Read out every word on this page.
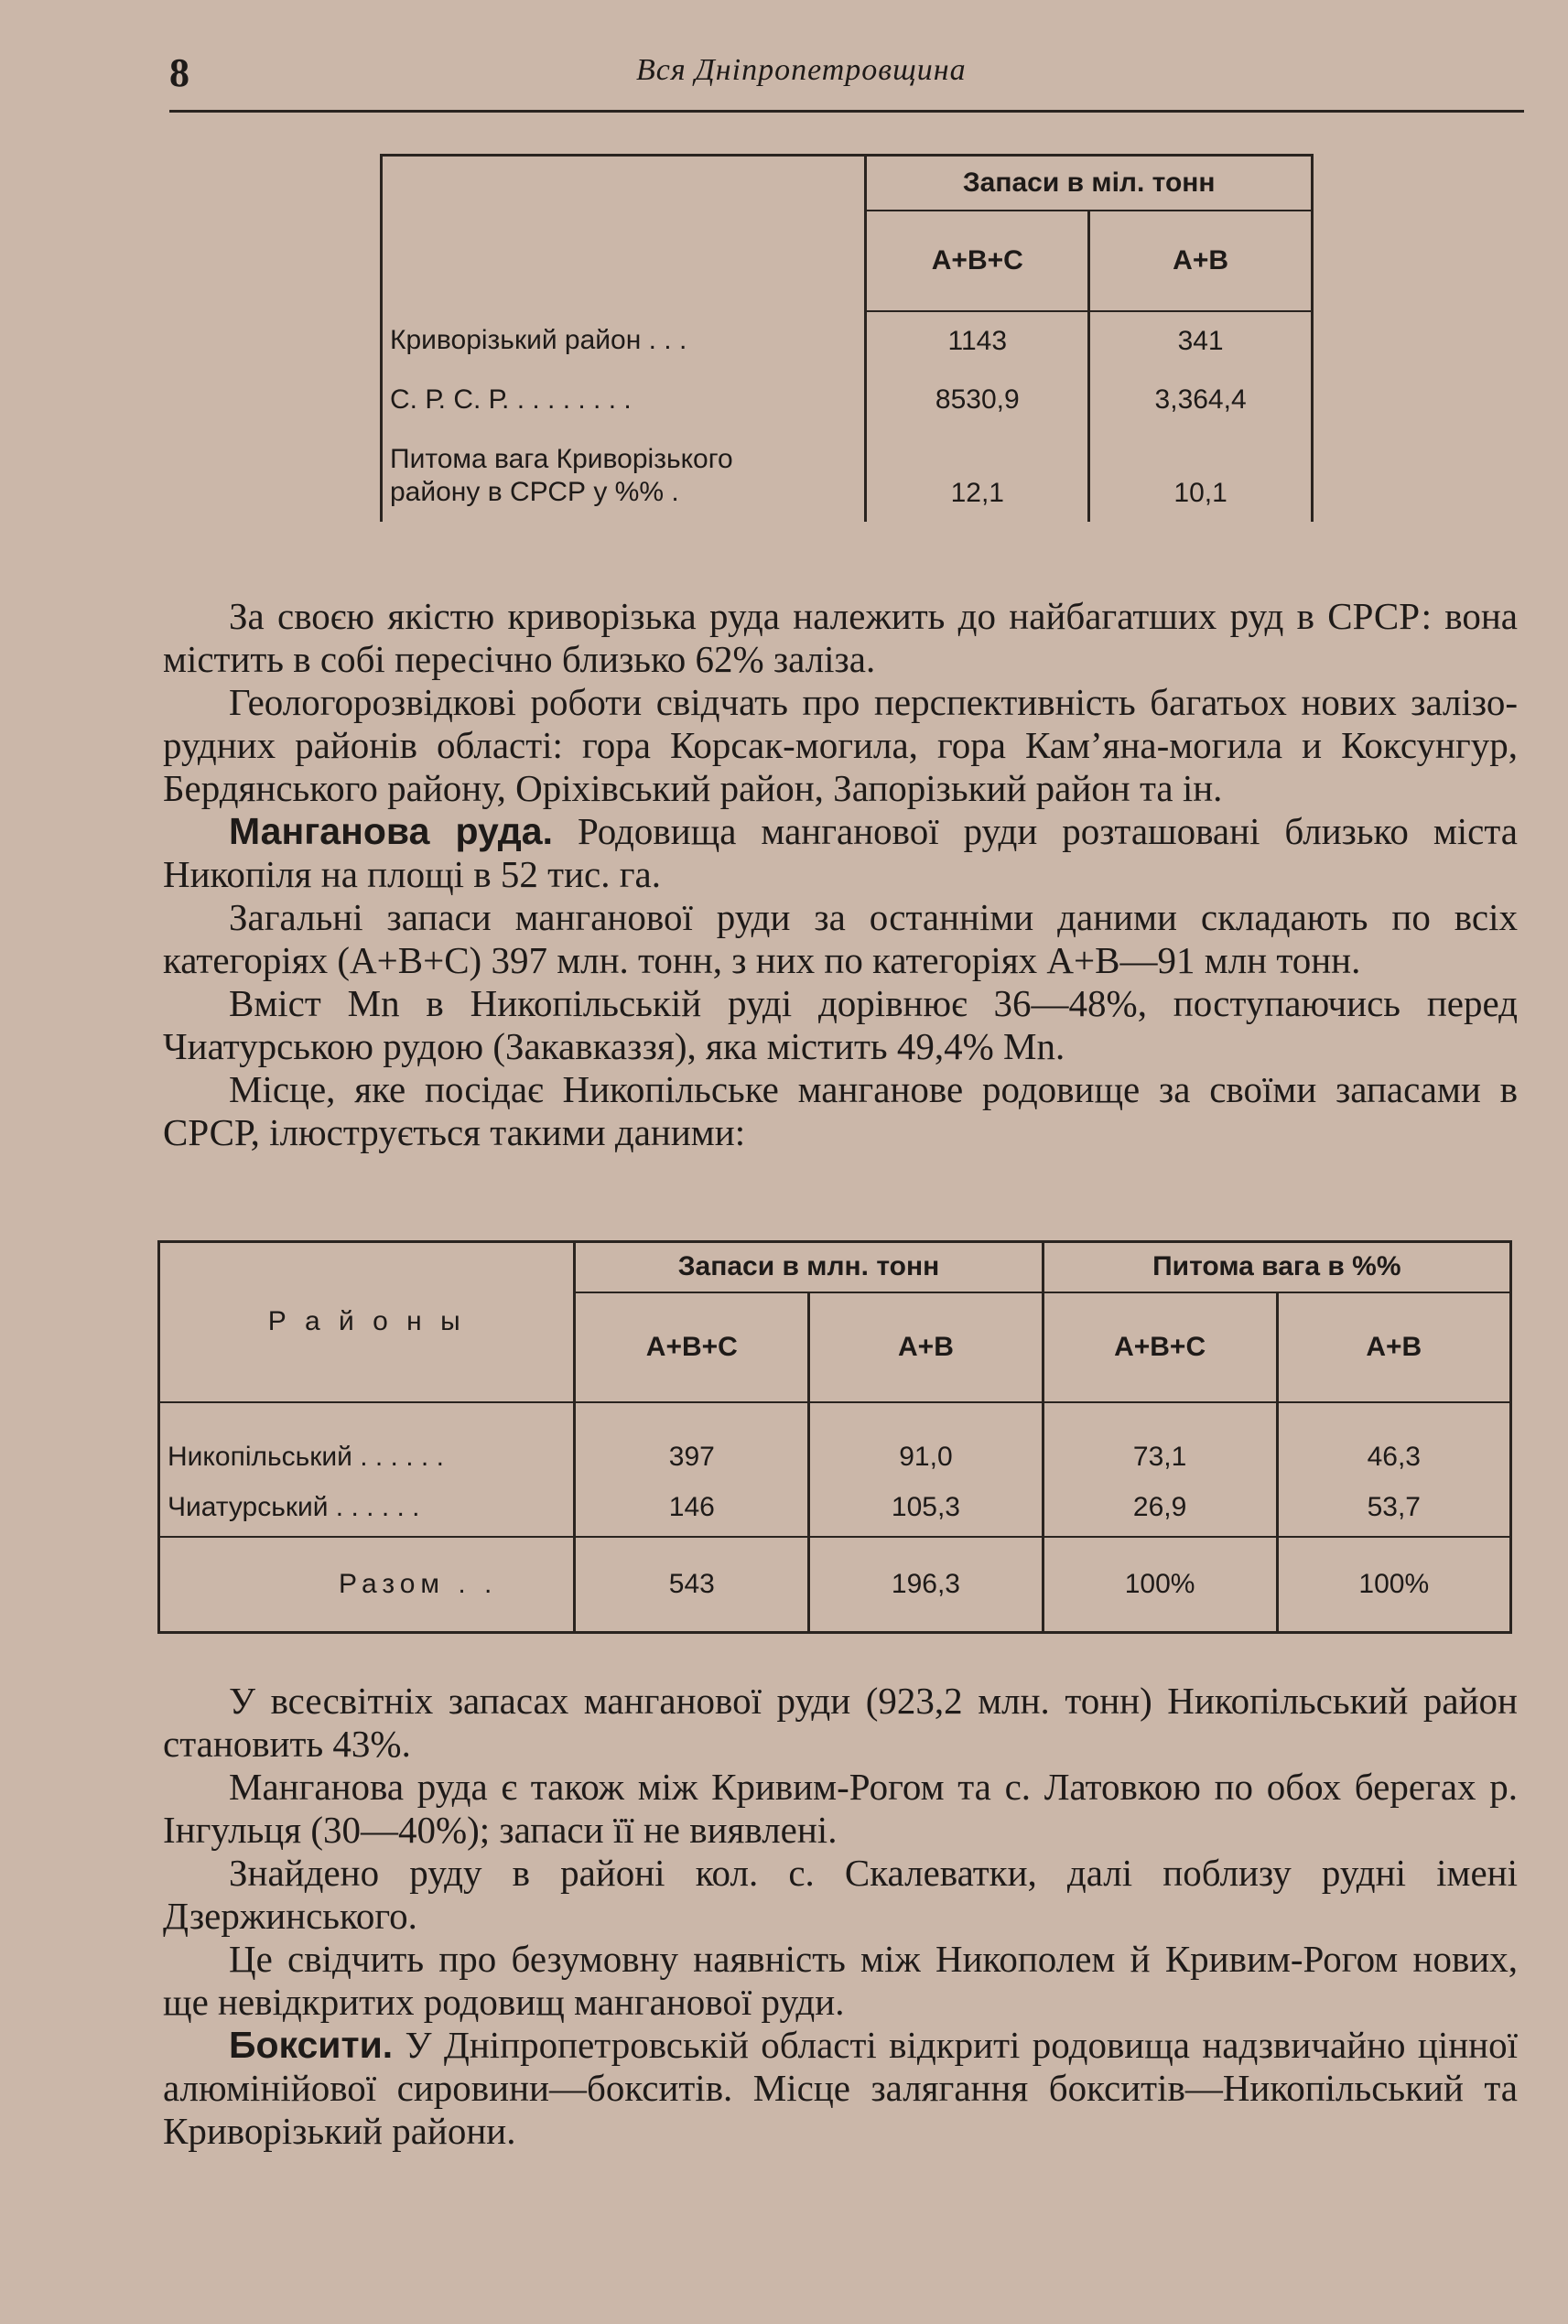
8	Вся Дніпропетровщина
	Запаси в міл. тонн	
	А+В+С	А+В
Криворізький район . . .	1143	341
С. Р. С. Р. . . . . . . . .	8530,9	3,364,4
Питома вага Криворізького
району в СРСР у %% .	12,1	10,1

За своєю якістю криворізька руда належить до найбагатших руд в СРСР: вона містить в собі пересічно близько 62% заліза.

Геологорозвідкові роботи свідчать про перспективність багатьох нових залізо-рудних районів області: гора Корсак-могила, гора Кам’яна-могила и Коксунгур, Бердянського району, Оріхівський район, Запорізький район та ін.

Манганова руда. Родовища манганової руди розташовані близько міста Никопіля на площі в 52 тис. га.

Загальні запаси манганової руди за останніми даними складають по всіх категоріях (А+В+С) 397 млн. тонн, з них по категоріях А+В—91 млн тонн.

Вміст Mn в Никопільській руді дорівнює 36—48%, поступаючись перед Чиатурською рудою (Закавказзя), яка містить 49,4% Mn.

Місце, яке посідає Никопільське манганове родовище за своїми запасами в СРСР, ілюструється такими даними:

Р а й о н ы	Запаси в млн. тонн		Питома вага в %%	
	А+В+С	А+В	А+В+С	А+В
Никопільський . . . . . .	397	91,0	73,1	46,3
Чиатурський . . . . . .	146	105,3	26,9	53,7
Разом . .	543	196,3	100%	100%

У всесвітніх запасах манганової руди (923,2 млн. тонн) Никопільський район становить 43%.

Манганова руда є також між Кривим-Рогом та с. Латовкою по обох берегах р. Інгульця (30—40%); запаси її не виявлені.

Знайдено руду в районі кол. с. Скалеватки, далі поблизу рудні імені Дзержинського.

Це свідчить про безумовну наявність між Никополем й Кривим-Рогом нових, ще невідкритих родовищ манганової руди.

Боксити. У Дніпропетровській області відкриті родовища надзвичайно цінної алюмінійової сировини—бокситів. Місце залягання бокситів—Никопільський та Криворізький райони.
